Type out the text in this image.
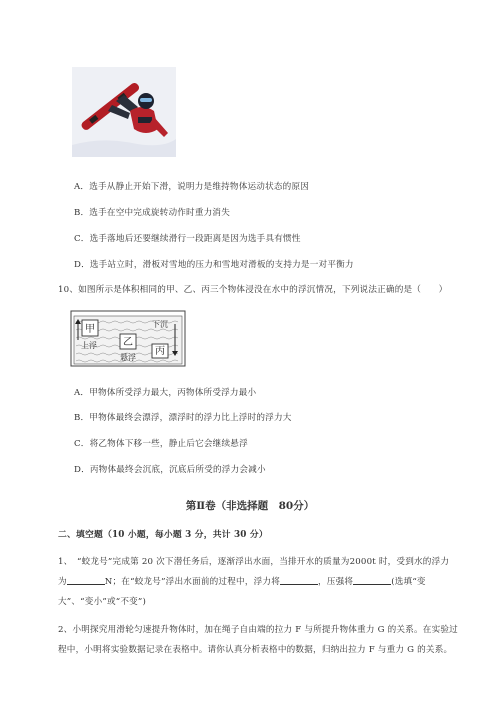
A．选手从静止开始下滑，说明力是维持物体运动状态的原因
B．选手在空中完成旋转动作时重力消失
C．选手落地后还要继续滑行一段距离是因为选手具有惯性
D．选手站立时，滑板对雪地的压力和雪地对滑板的支持力是一对平衡力
10、如图所示是体积相同的甲、乙、丙三个物体浸没在水中的浮沉情况，下列说法正确的是（　　）
甲
上浮	乙
悬浮
下沉
丙
A．甲物体所受浮力最大，丙物体所受浮力最小
B．甲物体最终会漂浮，漂浮时的浮力比上浮时的浮力大
C．将乙物体下移一些，静止后它会继续悬浮
D．丙物体最终会沉底，沉底后所受的浮力会减小
第Ⅱ卷（非选择题　80分）
二、填空题（10 小题，每小题 3 分，共计 30 分）
1、　“蛟龙号”完成第 20 次下潜任务后，逐渐浮出水面，当排开水的质量为2000t 时，受到水的浮力
为	N；在“蛟龙号”浮出水面前的过程中，浮力将	，压强将	(选填“变
大”、“变小”或“不变”)
2、小明探究用滑轮匀速提升物体时，加在绳子自由端的拉力 F 与所提升物体重力 G 的关系。在实验过
程中，小明将实验数据记录在表格中。请你认真分析表格中的数据，归纳出拉力 F 与重力 G 的关系。
